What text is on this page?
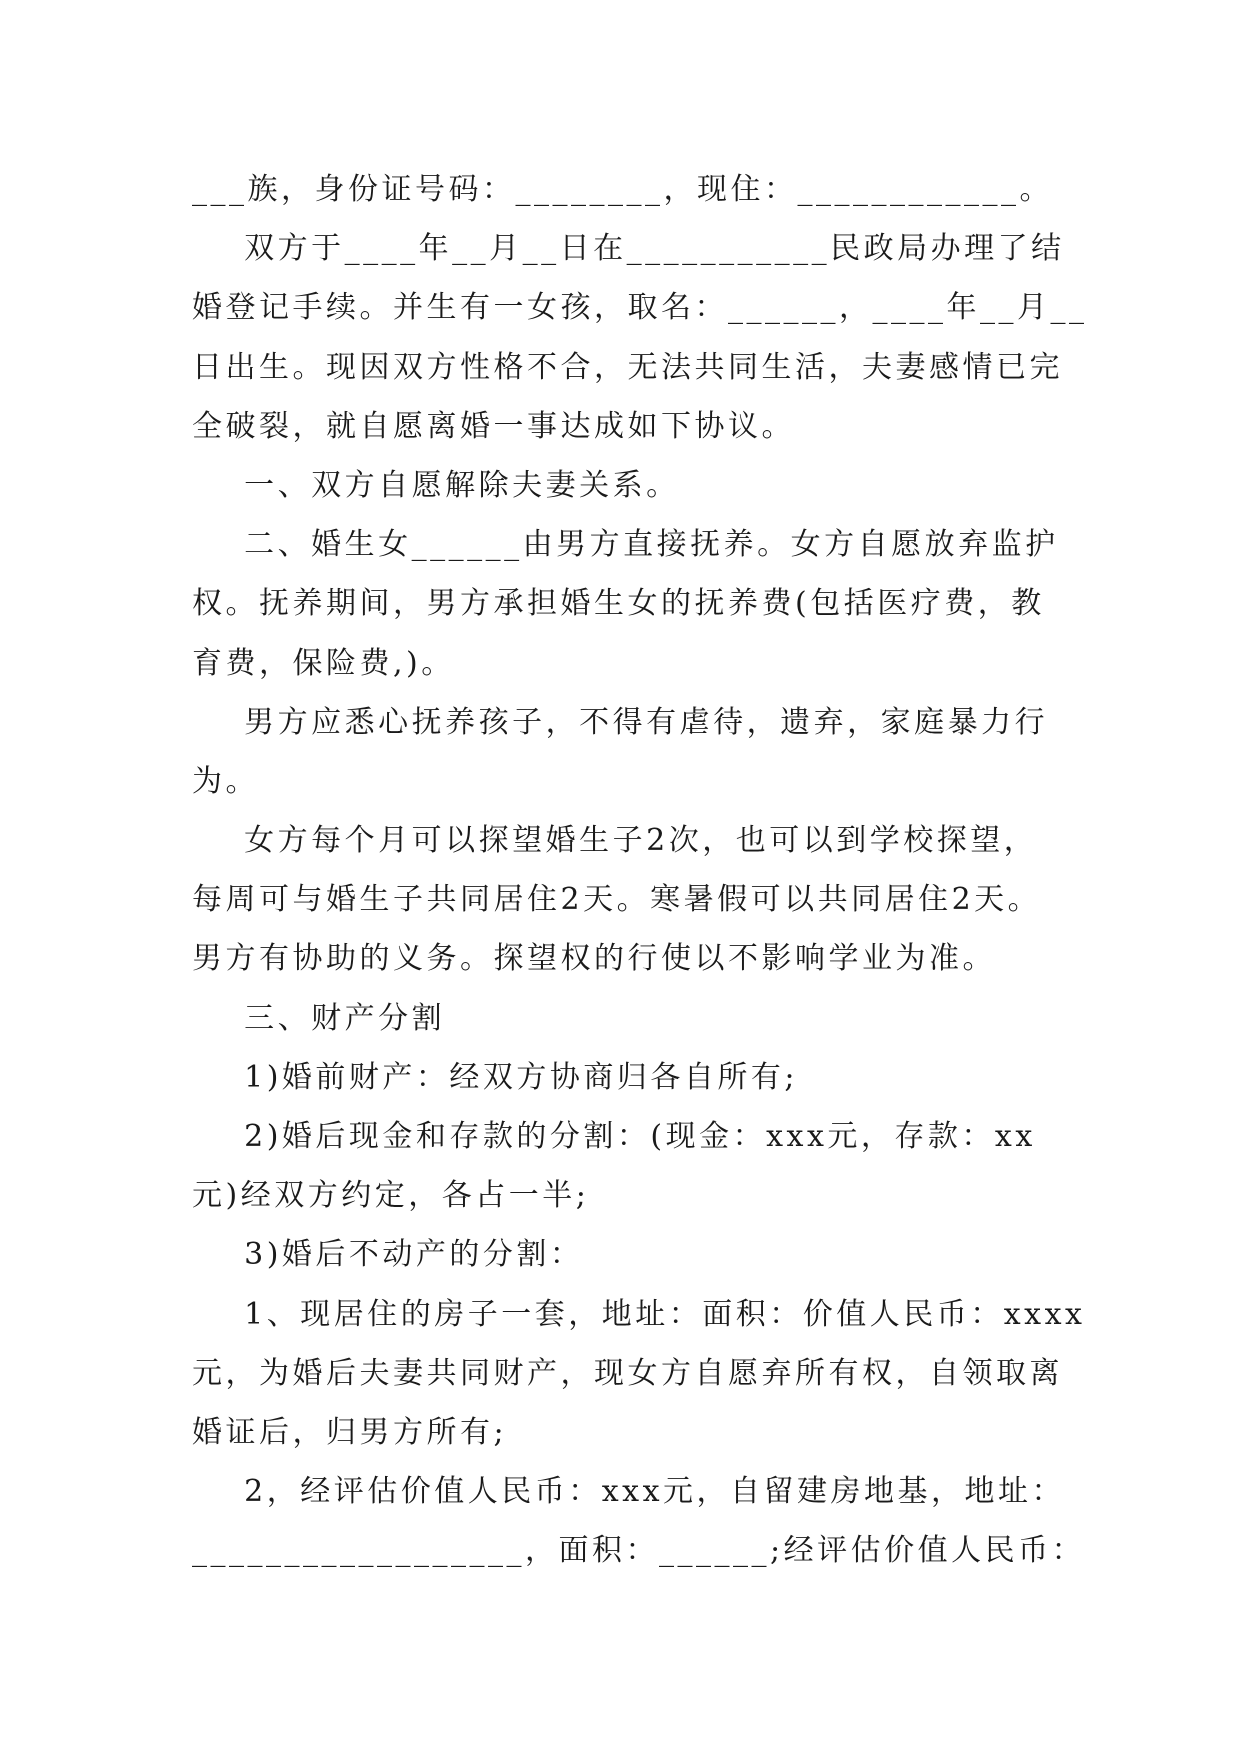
___族，身份证号码：________，现住：____________。
双方于____年__月__日在___________民政局办理了结
婚登记手续。并生有一女孩，取名：______，____年__月__
日出生。现因双方性格不合，无法共同生活，夫妻感情已完
全破裂，就自愿离婚一事达成如下协议。
一、双方自愿解除夫妻关系。
二、婚生女______由男方直接抚养。女方自愿放弃监护
权。抚养期间，男方承担婚生女的抚养费(包括医疗费，教
育费，保险费,)。
男方应悉心抚养孩子，不得有虐待，遗弃，家庭暴力行
为。
女方每个月可以探望婚生子2次，也可以到学校探望，
每周可与婚生子共同居住2天。寒暑假可以共同居住2天。
男方有协助的义务。探望权的行使以不影响学业为准。
三、财产分割
1)婚前财产：经双方协商归各自所有;
2)婚后现金和存款的分割：(现金：xxx元，存款：xx
元)经双方约定，各占一半;
3)婚后不动产的分割：
1、现居住的房子一套，地址：面积：价值人民币：xxxx
元，为婚后夫妻共同财产，现女方自愿弃所有权，自领取离
婚证后，归男方所有;
2，经评估价值人民币：xxx元，自留建房地基，地址：
__________________，面积：______;经评估价值人民币：
